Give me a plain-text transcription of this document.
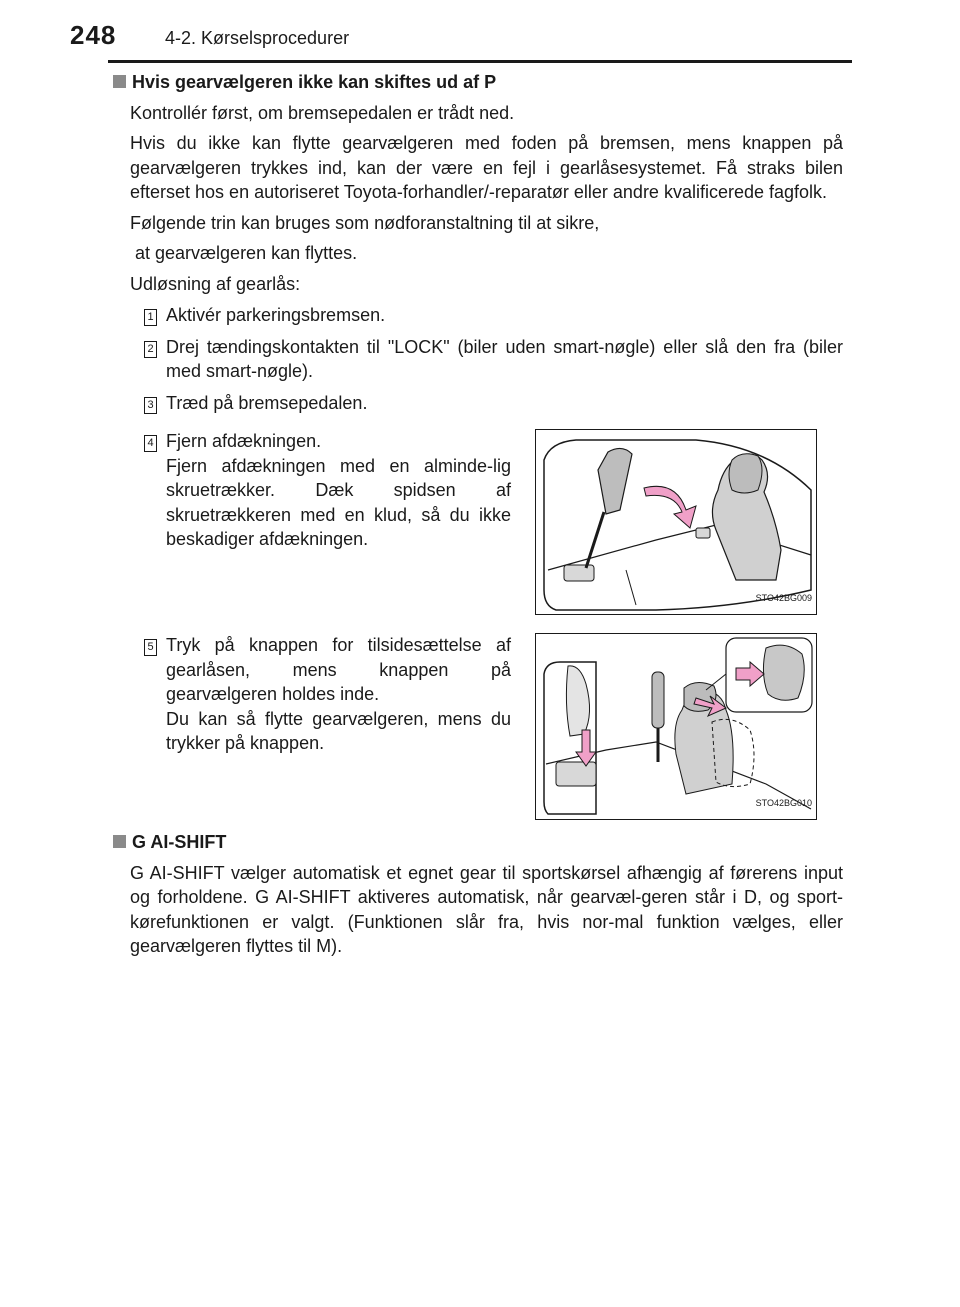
248	4-2. Kørselsprocedurer

Hvis gearvælgeren ikke kan skiftes ud af P

Kontrollér først, om bremsepedalen er trådt ned.

Hvis du ikke kan flytte gearvælgeren med foden på bremsen, mens knappen på gearvælgeren trykkes ind, kan der være en fejl i gearlåsesystemet. Få straks bilen efterset hos en autoriseret Toyota-forhandler/-reparatør eller andre kvalificerede fagfolk.

Følgende trin kan bruges som nødforanstaltning til at sikre,

at gearvælgeren kan flyttes.

Udløsning af gearlås:

1 Aktivér parkeringsbremsen.
2 Drej tændingskontakten til "LOCK" (biler uden smart-nøgle) eller slå den fra (biler med smart-nøgle).
3 Træd på bremsepedalen.
4 Fjern afdækningen.
Fjern afdækningen med en alminde-lig skruetrækker. Dæk spidsen af skruetrækkeren med en klud, så du ikke beskadiger afdækningen.
STO42BG009
5 Tryk på knappen for tilsidesættelse af gearlåsen, mens knappen på gearvælgeren holdes inde.
Du kan så flytte gearvælgeren, mens du trykker på knappen.
STO42BG010

G AI-SHIFT

G AI-SHIFT vælger automatisk et egnet gear til sportskørsel afhængig af førerens input og forholdene. G AI-SHIFT aktiveres automatisk, når gearvæl-geren står i D, og sport-kørefunktionen er valgt. (Funktionen slår fra, hvis nor-mal funktion vælges, eller gearvælgeren flyttes til M).
